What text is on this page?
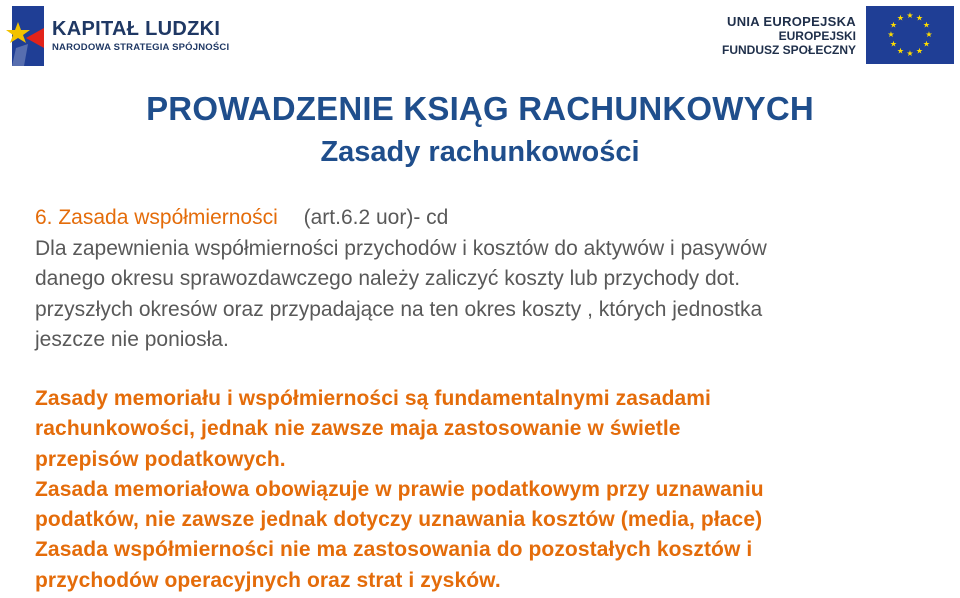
KAPITAŁ LUDZKI
NARODOWA STRATEGIA SPÓJNOŚCI
UNIA EUROPEJSKA
EUROPEJSKI
FUNDUSZ SPOŁECZNY
★ ★
★
★
★
★
★
★
★
★
★
★
PROWADZENIE KSIĄG RACHUNKOWYCH
Zasady rachunkowości
6. Zasada współmierności (art.6.2 uor)- cd
Dla zapewnienia współmierności przychodów i kosztów do aktywów i pasywów
danego okresu sprawozdawczego należy zaliczyć koszty lub przychody dot.
przyszłych okresów oraz przypadające na ten okres koszty , których jednostka
jeszcze nie poniosła.
Zasady memoriału i współmierności są fundamentalnymi zasadami
rachunkowości, jednak nie zawsze maja zastosowanie w świetle
przepisów podatkowych.
Zasada memoriałowa obowiązuje w prawie podatkowym przy uznawaniu
podatków, nie zawsze jednak dotyczy uznawania kosztów (media, płace)
Zasada współmierności nie ma zastosowania do pozostałych kosztów i
przychodów operacyjnych oraz strat i zysków.
